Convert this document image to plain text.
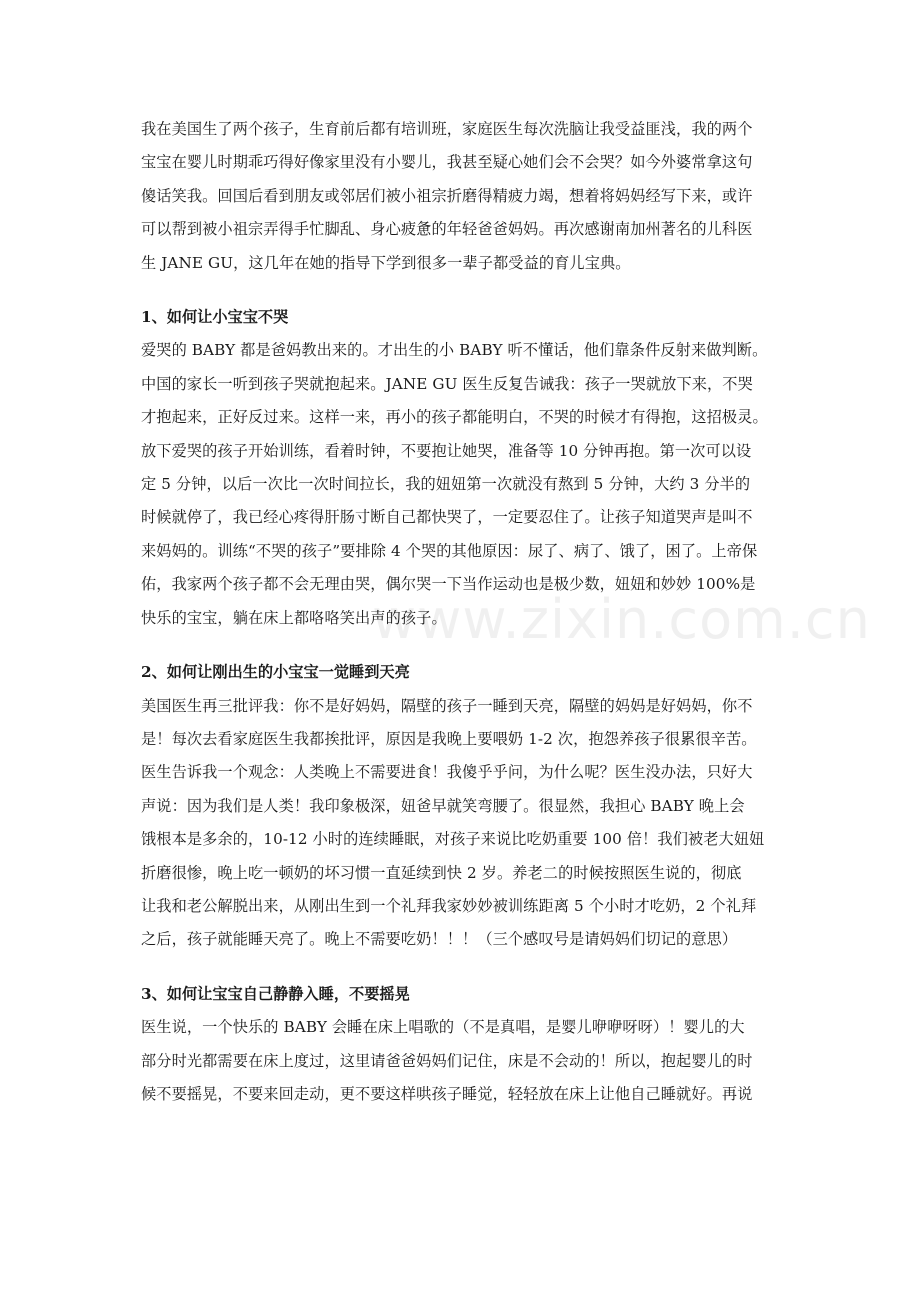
www.zixin.com.cn

我在美国生了两个孩子，生育前后都有培训班，家庭医生每次洗脑让我受益匪浅，我的两个
宝宝在婴儿时期乖巧得好像家里没有小婴儿，我甚至疑心她们会不会哭？如今外婆常拿这句
傻话笑我。回国后看到朋友或邻居们被小祖宗折磨得精疲力竭，想着将妈妈经写下来，或许
可以帮到被小祖宗弄得手忙脚乱、身心疲惫的年轻爸爸妈妈。再次感谢南加州著名的儿科医
生 JANE GU，这几年在她的指导下学到很多一辈子都受益的育儿宝典。

1、如何让小宝宝不哭

爱哭的 BABY 都是爸妈教出来的。才出生的小 BABY 听不懂话，他们靠条件反射来做判断。
中国的家长一听到孩子哭就抱起来。JANE GU 医生反复告诫我：孩子一哭就放下来，不哭
才抱起来，正好反过来。这样一来，再小的孩子都能明白，不哭的时候才有得抱，这招极灵。
放下爱哭的孩子开始训练，看着时钟，不要抱让她哭，准备等 10 分钟再抱。第一次可以设
定 5 分钟，以后一次比一次时间拉长，我的妞妞第一次就没有熬到 5 分钟，大约 3 分半的
时候就停了，我已经心疼得肝肠寸断自己都快哭了，一定要忍住了。让孩子知道哭声是叫不
来妈妈的。训练“不哭的孩子”要排除 4 个哭的其他原因：尿了、病了、饿了，困了。上帝保
佑，我家两个孩子都不会无理由哭，偶尔哭一下当作运动也是极少数，妞妞和妙妙 100%是
快乐的宝宝，躺在床上都咯咯笑出声的孩子。

2、如何让刚出生的小宝宝一觉睡到天亮

美国医生再三批评我：你不是好妈妈，隔壁的孩子一睡到天亮，隔壁的妈妈是好妈妈，你不
是！每次去看家庭医生我都挨批评，原因是我晚上要喂奶 1-2 次，抱怨养孩子很累很辛苦。
医生告诉我一个观念：人类晚上不需要进食！我傻乎乎问，为什么呢？医生没办法，只好大
声说：因为我们是人类！我印象极深，妞爸早就笑弯腰了。很显然，我担心 BABY 晚上会
饿根本是多余的，10-12 小时的连续睡眠，对孩子来说比吃奶重要 100 倍！我们被老大妞妞
折磨很惨，晚上吃一顿奶的坏习惯一直延续到快 2 岁。养老二的时候按照医生说的，彻底
让我和老公解脱出来，从刚出生到一个礼拜我家妙妙被训练距离 5 个小时才吃奶，2 个礼拜
之后，孩子就能睡天亮了。晚上不需要吃奶！！！（三个感叹号是请妈妈们切记的意思）

3、如何让宝宝自己静静入睡，不要摇晃

医生说，一个快乐的 BABY 会睡在床上唱歌的（不是真唱，是婴儿咿咿呀呀）！婴儿的大
部分时光都需要在床上度过，这里请爸爸妈妈们记住，床是不会动的！所以，抱起婴儿的时
候不要摇晃，不要来回走动，更不要这样哄孩子睡觉，轻轻放在床上让他自己睡就好。再说
